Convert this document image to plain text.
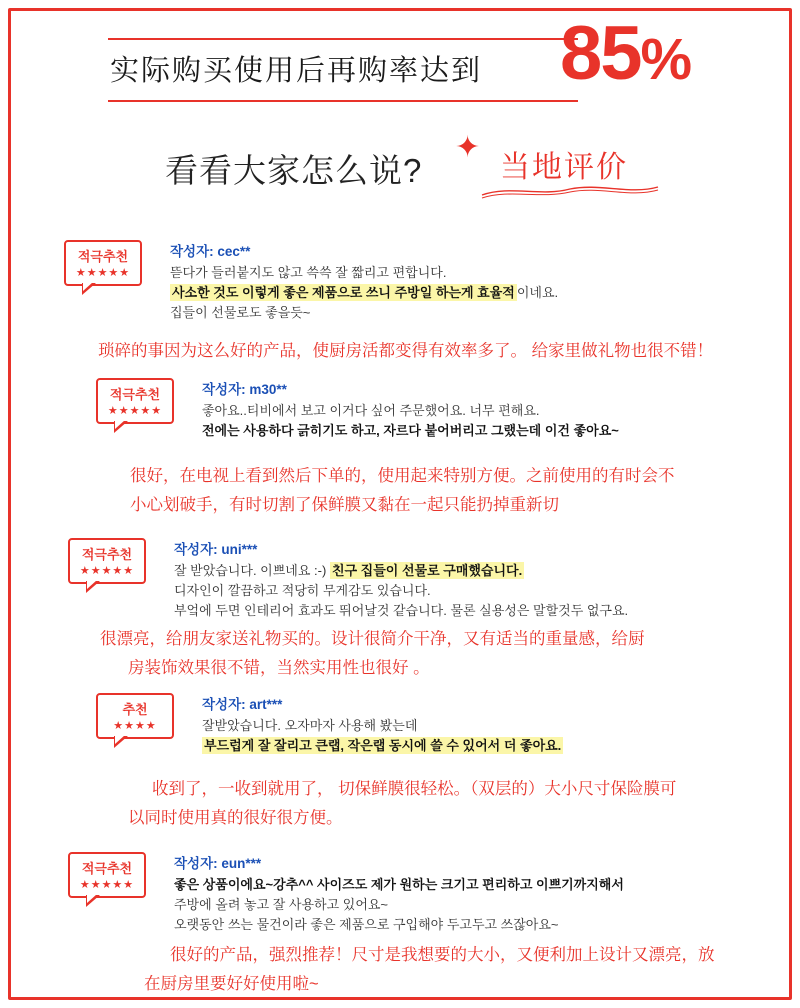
实际购买使用后再购率达到 85%
看看大家怎么说?
✦
当地评价
적극추천
★★★★★
작성자: cec**
뜯다가 들러붙지도 않고 쓱쓱 잘 짧리고 편합니다.
사소한 것도 이렇게 좋은 제품으로 쓰니 주방일 하는게 효율적 이네요.
집들이 선물로도 좋을듯~
琐碎的事因为这么好的产品，使厨房活都变得有效率多了。 给家里做礼物也很不错！
적극추천
★★★★★
작성자: m30**
좋아요..티비에서 보고 이거다 싶어 주문했어요. 너무 편해요.
전에는 사용하다 긁히기도 하고, 자르다 붙어버리고 그랬는데 이건 좋아요~
很好，在电视上看到然后下单的，使用起来特别方便。之前使用的有时会不
小心划破手，有时切割了保鲜膜又黏在一起只能扔掉重新切
적극추천
★★★★★
작성자: uni***
잘 받았습니다. 이쁘네요 :-) 친구 집들이 선물로 구매했습니다.
디자인이 깔끔하고 적당히 무게감도 있습니다.
부엌에 두면 인테리어 효과도 뛰어날것 같습니다. 물론 실용성은 말할것두 없구요.
很漂亮，给朋友家送礼物买的。设计很简介干净，又有适当的重量感，给厨
房装饰效果很不错，当然实用性也很好 。
추천
★★★★
작성자: art***
잘받았습니다. 오자마자 사용해 봤는데
부드럽게 잘 잘리고 큰랩, 작은랩 동시에 쓸 수 있어서 더 좋아요.
收到了，一收到就用了， 切保鲜膜很轻松。（双层的）大小尺寸保险膜可
以同时使用真的很好很方便。
적극추천
★★★★★
작성자: eun***
좋은 상품이에요~강추^^ 사이즈도 제가 원하는 크기고 편리하고 이쁘기까지해서
주방에 올려 놓고 잘 사용하고 있어요~
오랫동안 쓰는 물건이라 좋은 제품으로 구입해야 두고두고 쓰잖아요~
很好的产品，强烈推荐！尺寸是我想要的大小，又便利加上设计又漂亮，放
在厨房里要好好使用啦~
